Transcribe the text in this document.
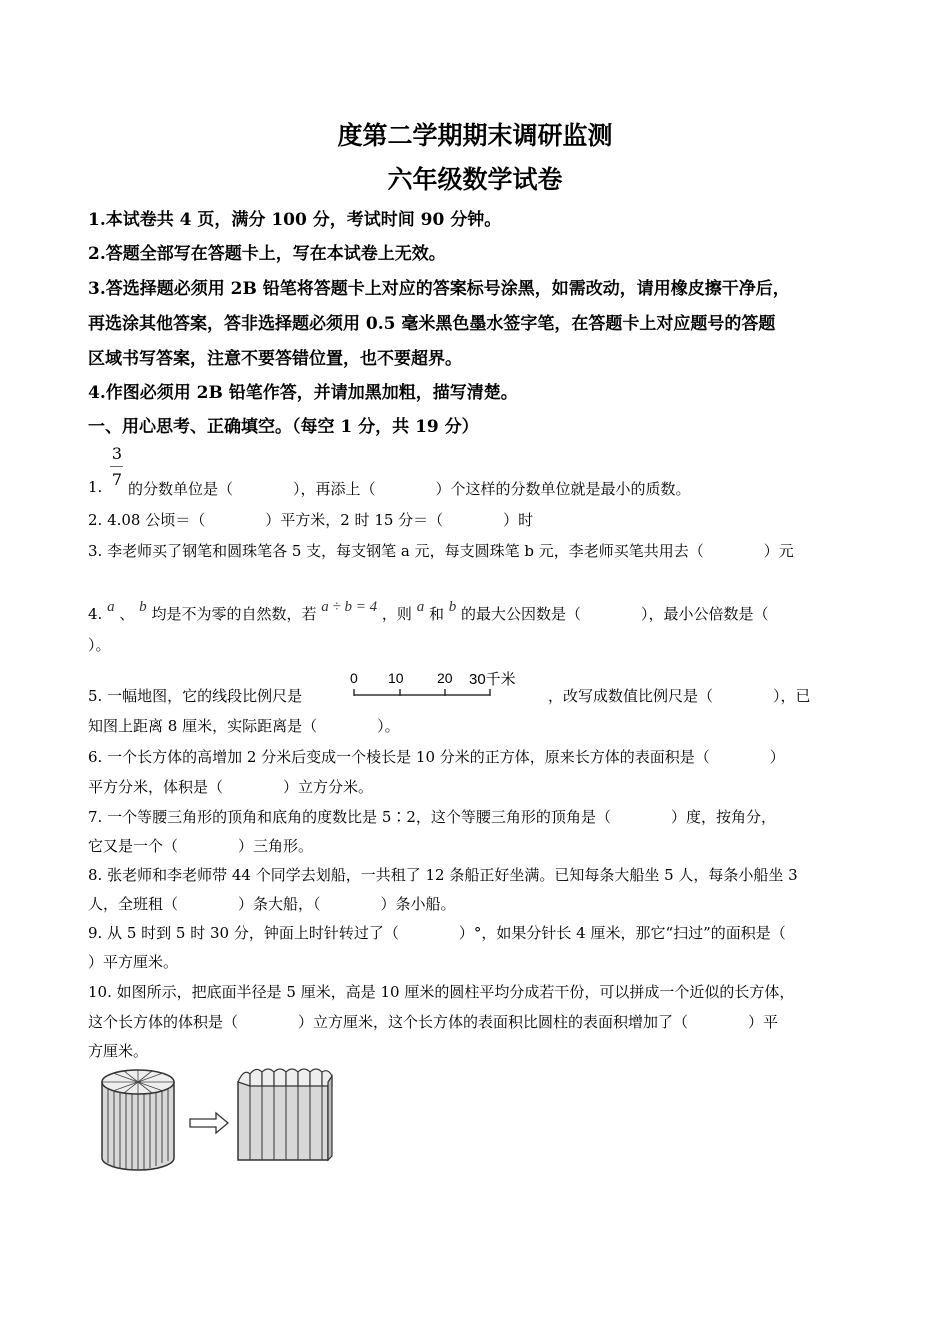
度第二学期期末调研监测
六年级数学试卷
1.本试卷共 4 页，满分 100 分，考试时间 90 分钟。
2.答题全部写在答题卡上，写在本试卷上无效。
3.答选择题必须用 2B 铅笔将答题卡上对应的答案标号涂黑，如需改动，请用橡皮擦干净后，
再选涂其他答案，答非选择题必须用 0.5 毫米黑色墨水签字笔，在答题卡上对应题号的答题
区域书写答案，注意不要答错位置，也不要超界。
4.作图必须用 2B 铅笔作答，并请加黑加粗，描写清楚。
一、用心思考、正确填空。（每空 1 分，共 19 分）
3
7
1. 的分数单位是（　　　　），再添上（　　　　）个这样的分数单位就是最小的质数。
2. 4.08 公顷＝（　　　　）平方米，2 时 15 分＝（　　　　）时
3. 李老师买了钢笔和圆珠笔各 5 支，每支钢笔 a 元，每支圆珠笔 b 元，李老师买笔共用去（　　　　）元
4. a 、 b 均是不为零的自然数，若 a ÷ b = 4 ，则 a 和 b 的最大公因数是（　　　　），最小公倍数是（
）。
5. 一幅地图，它的线段比例尺是
0 10 20 30千米
，改写成数值比例尺是（　　　　），已
知图上距离 8 厘米，实际距离是（　　　　）。
6. 一个长方体的高增加 2 分米后变成一个棱长是 10 分米的正方体，原来长方体的表面积是（　　　　）
平方分米，体积是（　　　　）立方分米。
7. 一个等腰三角形的顶角和底角的度数比是 5∶2，这个等腰三角形的顶角是（　　　　）度，按角分，
它又是一个（　　　　）三角形。
8. 张老师和李老师带 44 个同学去划船，一共租了 12 条船正好坐满。已知每条大船坐 5 人，每条小船坐 3
人，全班租（　　　　）条大船，（　　　　）条小船。
9. 从 5 时到 5 时 30 分，钟面上时针转过了（　　　　）°，如果分针长 4 厘米，那它“扫过”的面积是（
）平方厘米。
10. 如图所示，把底面半径是 5 厘米，高是 10 厘米的圆柱平均分成若干份，可以拼成一个近似的长方体，
这个长方体的体积是（　　　　）立方厘米，这个长方体的表面积比圆柱的表面积增加了（　　　　）平
方厘米。
